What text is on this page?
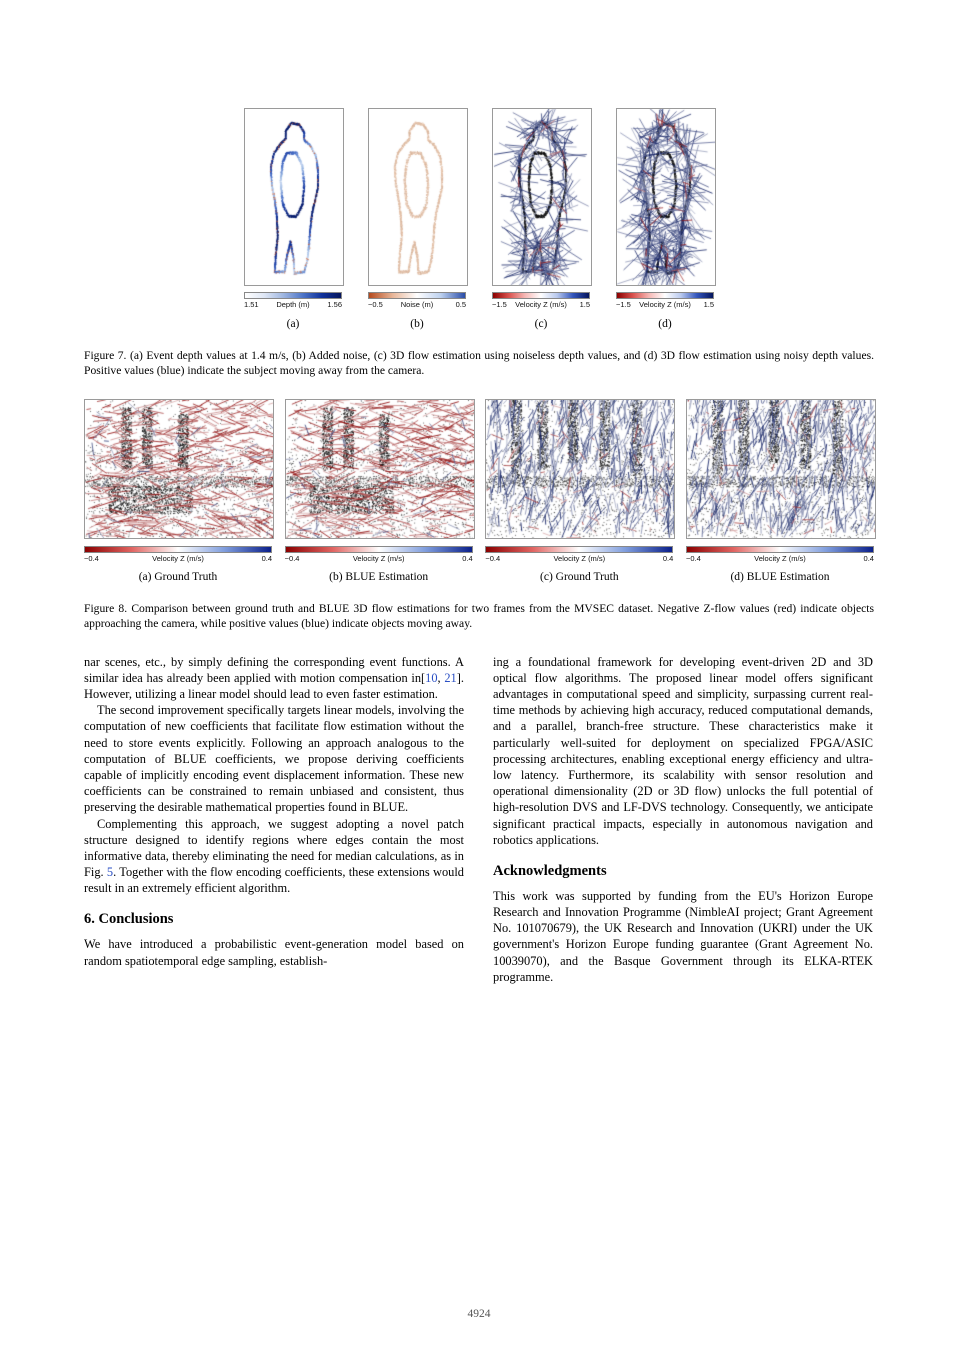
1.51	1.56
Depth (m)
(a)
−0.5	0.5
Noise (m)
(b)
−1.5	1.5
Velocity Z (m/s)
(c)
−1.5	1.5
Velocity Z (m/s)
(d)
Figure 7. (a) Event depth values at 1.4 m/s, (b) Added noise, (c) 3D flow estimation using noiseless depth values, and (d) 3D flow estimation using noisy depth values. Positive values (blue) indicate the subject moving away from the camera.
−0.4	0.4
Velocity Z (m/s)
(a) Ground Truth
−0.4	0.4
Velocity Z (m/s)
(b) BLUE Estimation
−0.4	0.4
Velocity Z (m/s)
(c) Ground Truth
−0.4	0.4
Velocity Z (m/s)
(d) BLUE Estimation
Figure 8. Comparison between ground truth and BLUE 3D flow estimations for two frames from the MVSEC dataset. Negative Z-flow values (red) indicate objects approaching the camera, while positive values (blue) indicate objects moving away.

nar scenes, etc., by simply defining the corresponding event functions. A similar idea has already been applied with motion compensation in[10, 21]. However, utilizing a linear model should lead to even faster estimation.

The second improvement specifically targets linear models, involving the computation of new coefficients that facilitate flow estimation without the need to store events explicitly. Following an approach analogous to the computation of BLUE coefficients, we propose deriving coefficients capable of implicitly encoding event displacement information. These new coefficients can be constrained to remain unbiased and consistent, thus preserving the desirable mathematical properties found in BLUE.

Complementing this approach, we suggest adopting a novel patch structure designed to identify regions where edges contain the most informative data, thereby eliminating the need for median calculations, as in Fig. 5. Together with the flow encoding coefficients, these extensions would result in an extremely efficient algorithm.

6. Conclusions

We have introduced a probabilistic event-generation model based on random spatiotemporal edge sampling, establish-

ing a foundational framework for developing event-driven 2D and 3D optical flow algorithms. The proposed linear model offers significant advantages in computational speed and simplicity, surpassing current real-time methods by achieving high accuracy, reduced computational demands, and a parallel, branch-free structure. These characteristics make it particularly well-suited for deployment on specialized FPGA/ASIC processing architectures, enabling exceptional energy efficiency and ultra-low latency. Furthermore, its scalability with sensor resolution and operational dimensionality (2D or 3D flow) unlocks the full potential of high-resolution DVS and LF-DVS technology. Consequently, we anticipate significant practical impacts, especially in autonomous navigation and robotics applications.

Acknowledgments

This work was supported by funding from the EU's Horizon Europe Research and Innovation Programme (NimbleAI project; Grant Agreement No. 101070679), the UK Research and Innovation (UKRI) under the UK government's Horizon Europe funding guarantee (Grant Agreement No. 10039070), and the Basque Government through its ELKA-RTEK programme.

4924
